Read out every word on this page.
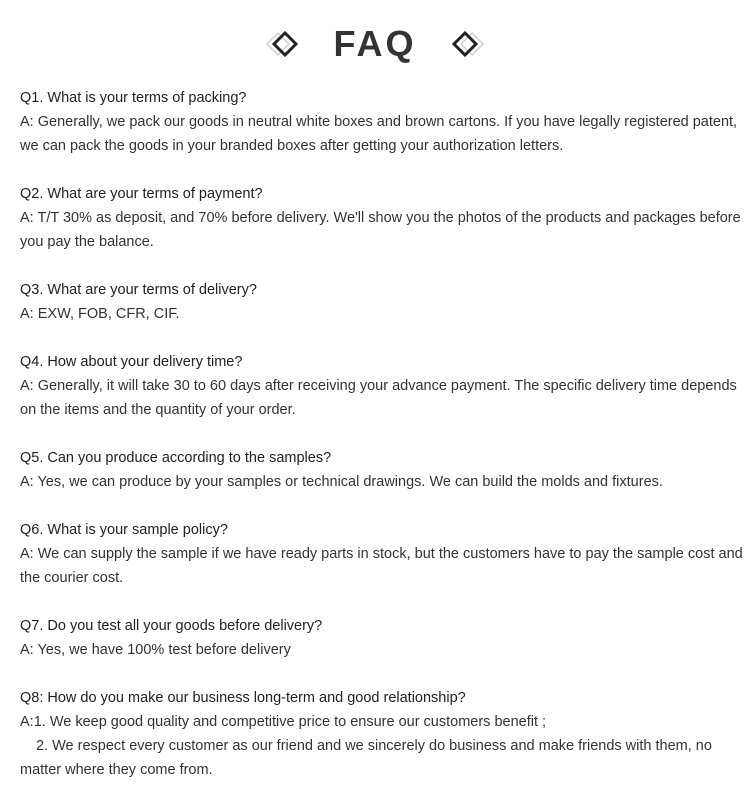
FAQ
Q1. What is your terms of packing?
A: Generally, we pack our goods in neutral white boxes and brown cartons. If you have legally registered patent, we can pack the goods in your branded boxes after getting your authorization letters.
Q2. What are your terms of payment?
A: T/T 30% as deposit, and 70% before delivery. We'll show you the photos of the products and packages before you pay the balance.
Q3. What are your terms of delivery?
A: EXW, FOB, CFR, CIF.
Q4. How about your delivery time?
A: Generally, it will take 30 to 60 days after receiving your advance payment. The specific delivery time depends on the items and the quantity of your order.
Q5. Can you produce according to the samples?
A: Yes, we can produce by your samples or technical drawings. We can build the molds and fixtures.
Q6. What is your sample policy?
A: We can supply the sample if we have ready parts in stock, but the customers have to pay the sample cost and the courier cost.
Q7. Do you test all your goods before delivery?
A: Yes, we have 100% test before delivery
Q8: How do you make our business long-term and good relationship?
A:1. We keep good quality and competitive price to ensure our customers benefit ;
2. We respect every customer as our friend and we sincerely do business and make friends with them, no matter where they come from.
